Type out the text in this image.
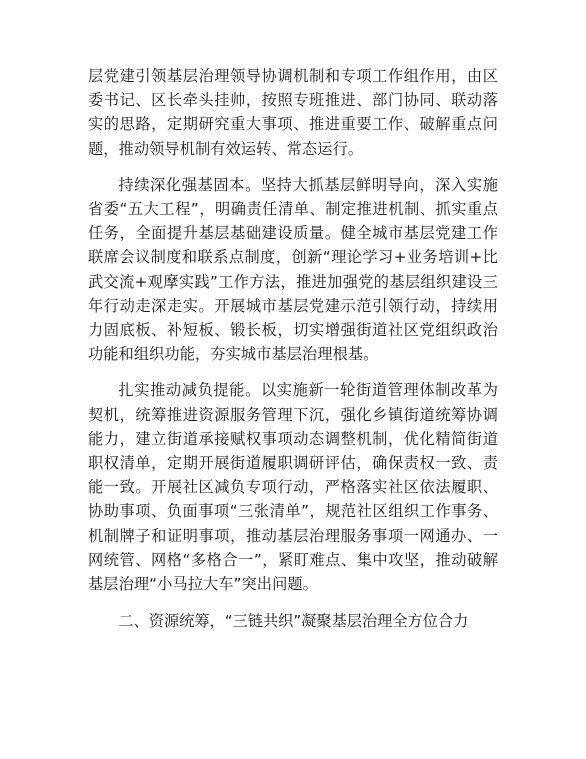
层党建引领基层治理领导协调机制和专项工作组作用，由区委书记、区长牵头挂帅，按照专班推进、部门协同、联动落实的思路，定期研究重大事项、推进重要工作、破解重点问题，推动领导机制有效运转、常态运行。

持续深化强基固本。坚持大抓基层鲜明导向，深入实施省委“五大工程”，明确责任清单、制定推进机制、抓实重点任务，全面提升基层基础建设质量。健全城市基层党建工作联席会议制度和联系点制度，创新“理论学习+业务培训+比武交流+观摩实践”工作方法，推进加强党的基层组织建设三年行动走深走实。开展城市基层党建示范引领行动，持续用力固底板、补短板、锻长板，切实增强街道社区党组织政治功能和组织功能，夯实城市基层治理根基。

扎实推动减负提能。以实施新一轮街道管理体制改革为契机，统筹推进资源服务管理下沉，强化乡镇街道统筹协调能力，建立街道承接赋权事项动态调整机制，优化精简街道职权清单，定期开展街道履职调研评估，确保责权一致、责能一致。开展社区减负专项行动，严格落实社区依法履职、协助事项、负面事项“三张清单”，规范社区组织工作事务、机制牌子和证明事项，推动基层治理服务事项一网通办、一网统管、网格“多格合一”，紧盯难点、集中攻坚，推动破解基层治理“小马拉大车”突出问题。

二、资源统筹，“三链共织”凝聚基层治理全方位合力
